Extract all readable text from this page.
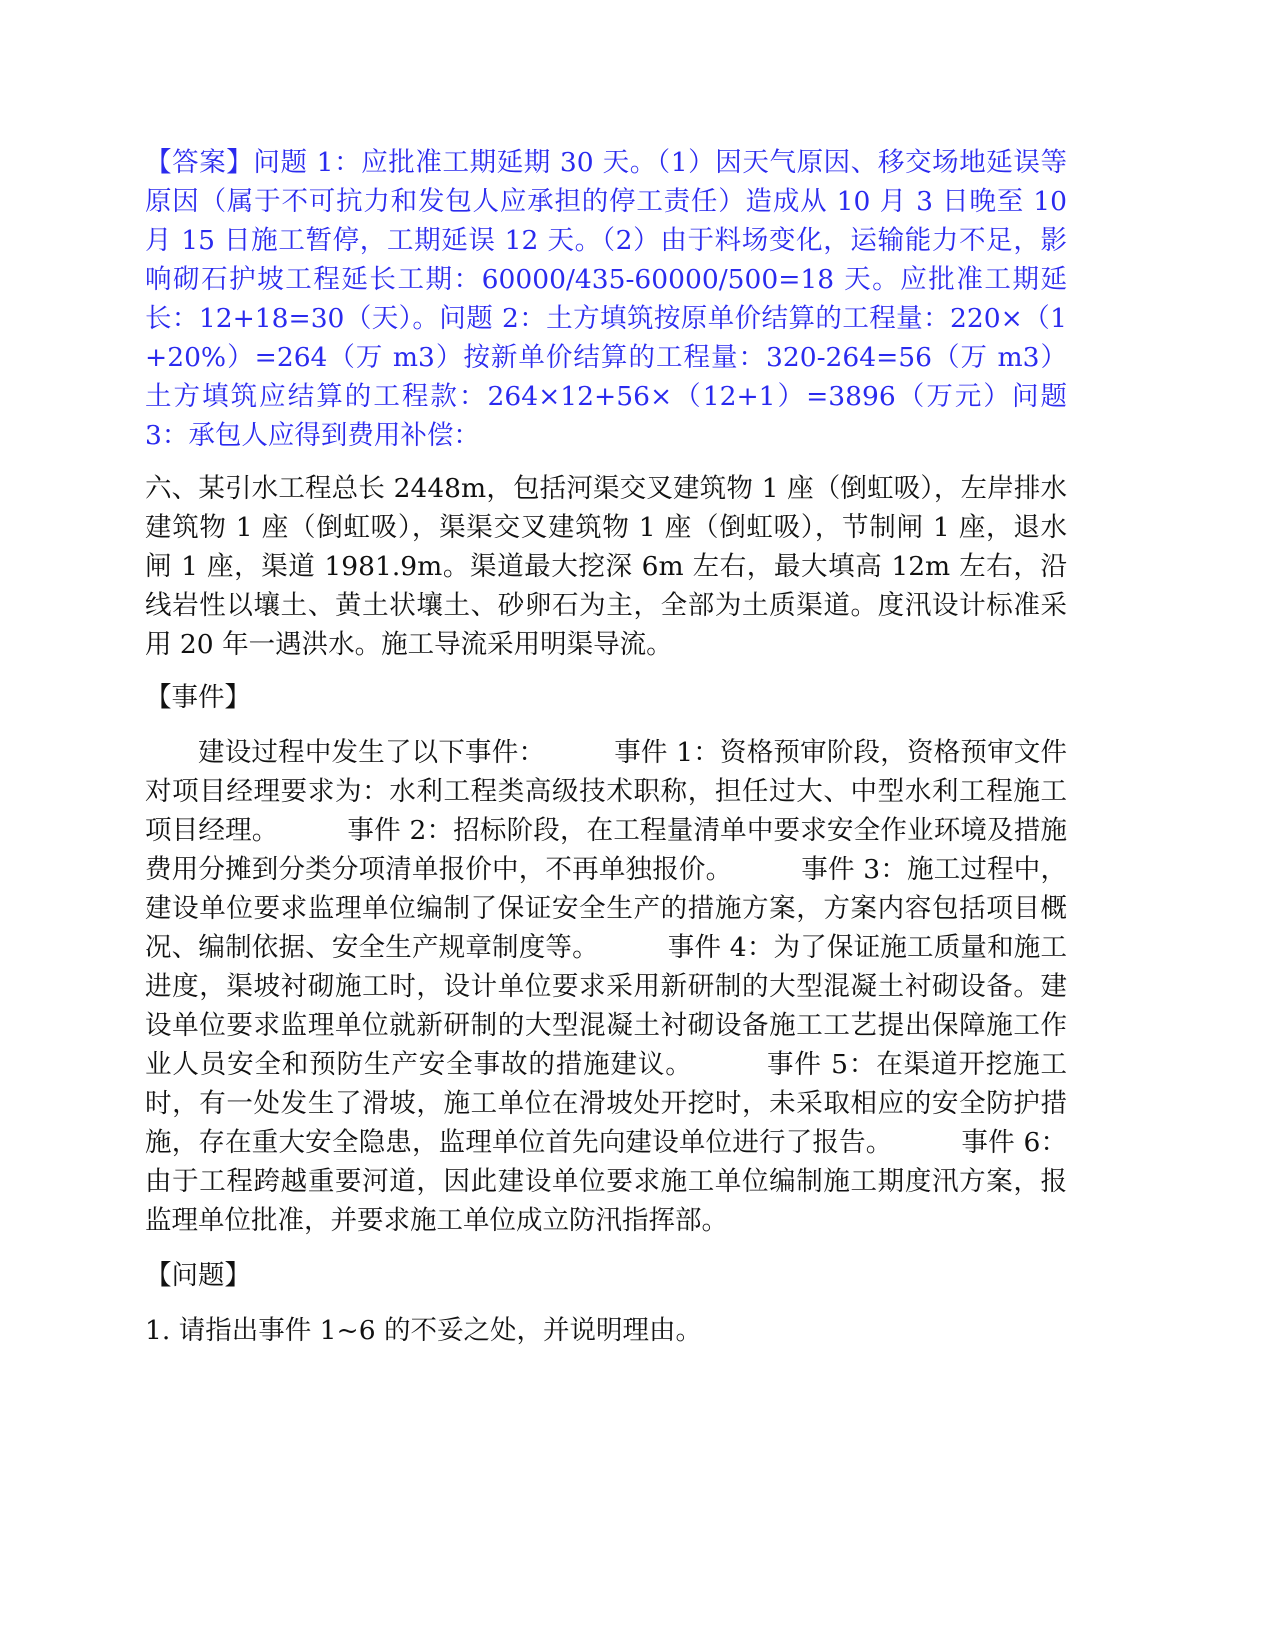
【答案】问题 1：应批准工期延期 30 天。（1）因天气原因、移交场地延误等原因（属于不可抗力和发包人应承担的停工责任）造成从 10 月 3 日晚至 10 月 15 日施工暂停，工期延误 12 天。（2）由于料场变化，运输能力不足，影响砌石护坡工程延长工期：60000/435-60000/500=18 天。应批准工期延长：12+18=30（天）。问题 2：土方填筑按原单价结算的工程量：220×（1+20%）=264（万 m3）按新单价结算的工程量：320-264=56（万 m3）土方填筑应结算的工程款：264×12+56×（12+1）=3896（万元）问题 3：承包人应得到费用补偿：

六、某引水工程总长 2448m，包括河渠交叉建筑物 1 座（倒虹吸），左岸排水建筑物 1 座（倒虹吸），渠渠交叉建筑物 1 座（倒虹吸），节制闸 1 座，退水闸 1 座，渠道 1981.9m。渠道最大挖深 6m 左右，最大填高 12m 左右，沿线岩性以壤土、黄土状壤土、砂卵石为主，全部为土质渠道。度汛设计标准采用 20 年一遇洪水。施工导流采用明渠导流。

【事件】

建设过程中发生了以下事件：        事件 1：资格预审阶段，资格预审文件对项目经理要求为：水利工程类高级技术职称，担任过大、中型水利工程施工项目经理。        事件 2：招标阶段，在工程量清单中要求安全作业环境及措施费用分摊到分类分项清单报价中，不再单独报价。        事件 3：施工过程中，建设单位要求监理单位编制了保证安全生产的措施方案，方案内容包括项目概况、编制依据、安全生产规章制度等。        事件 4：为了保证施工质量和施工进度，渠坡衬砌施工时，设计单位要求采用新研制的大型混凝土衬砌设备。建设单位要求监理单位就新研制的大型混凝土衬砌设备施工工艺提出保障施工作业人员安全和预防生产安全事故的措施建议。        事件 5：在渠道开挖施工时，有一处发生了滑坡，施工单位在滑坡处开挖时，未采取相应的安全防护措施，存在重大安全隐患，监理单位首先向建设单位进行了报告。        事件 6：由于工程跨越重要河道，因此建设单位要求施工单位编制施工期度汛方案，报监理单位批准，并要求施工单位成立防汛指挥部。

【问题】

1. 请指出事件 1~6 的不妥之处，并说明理由。
